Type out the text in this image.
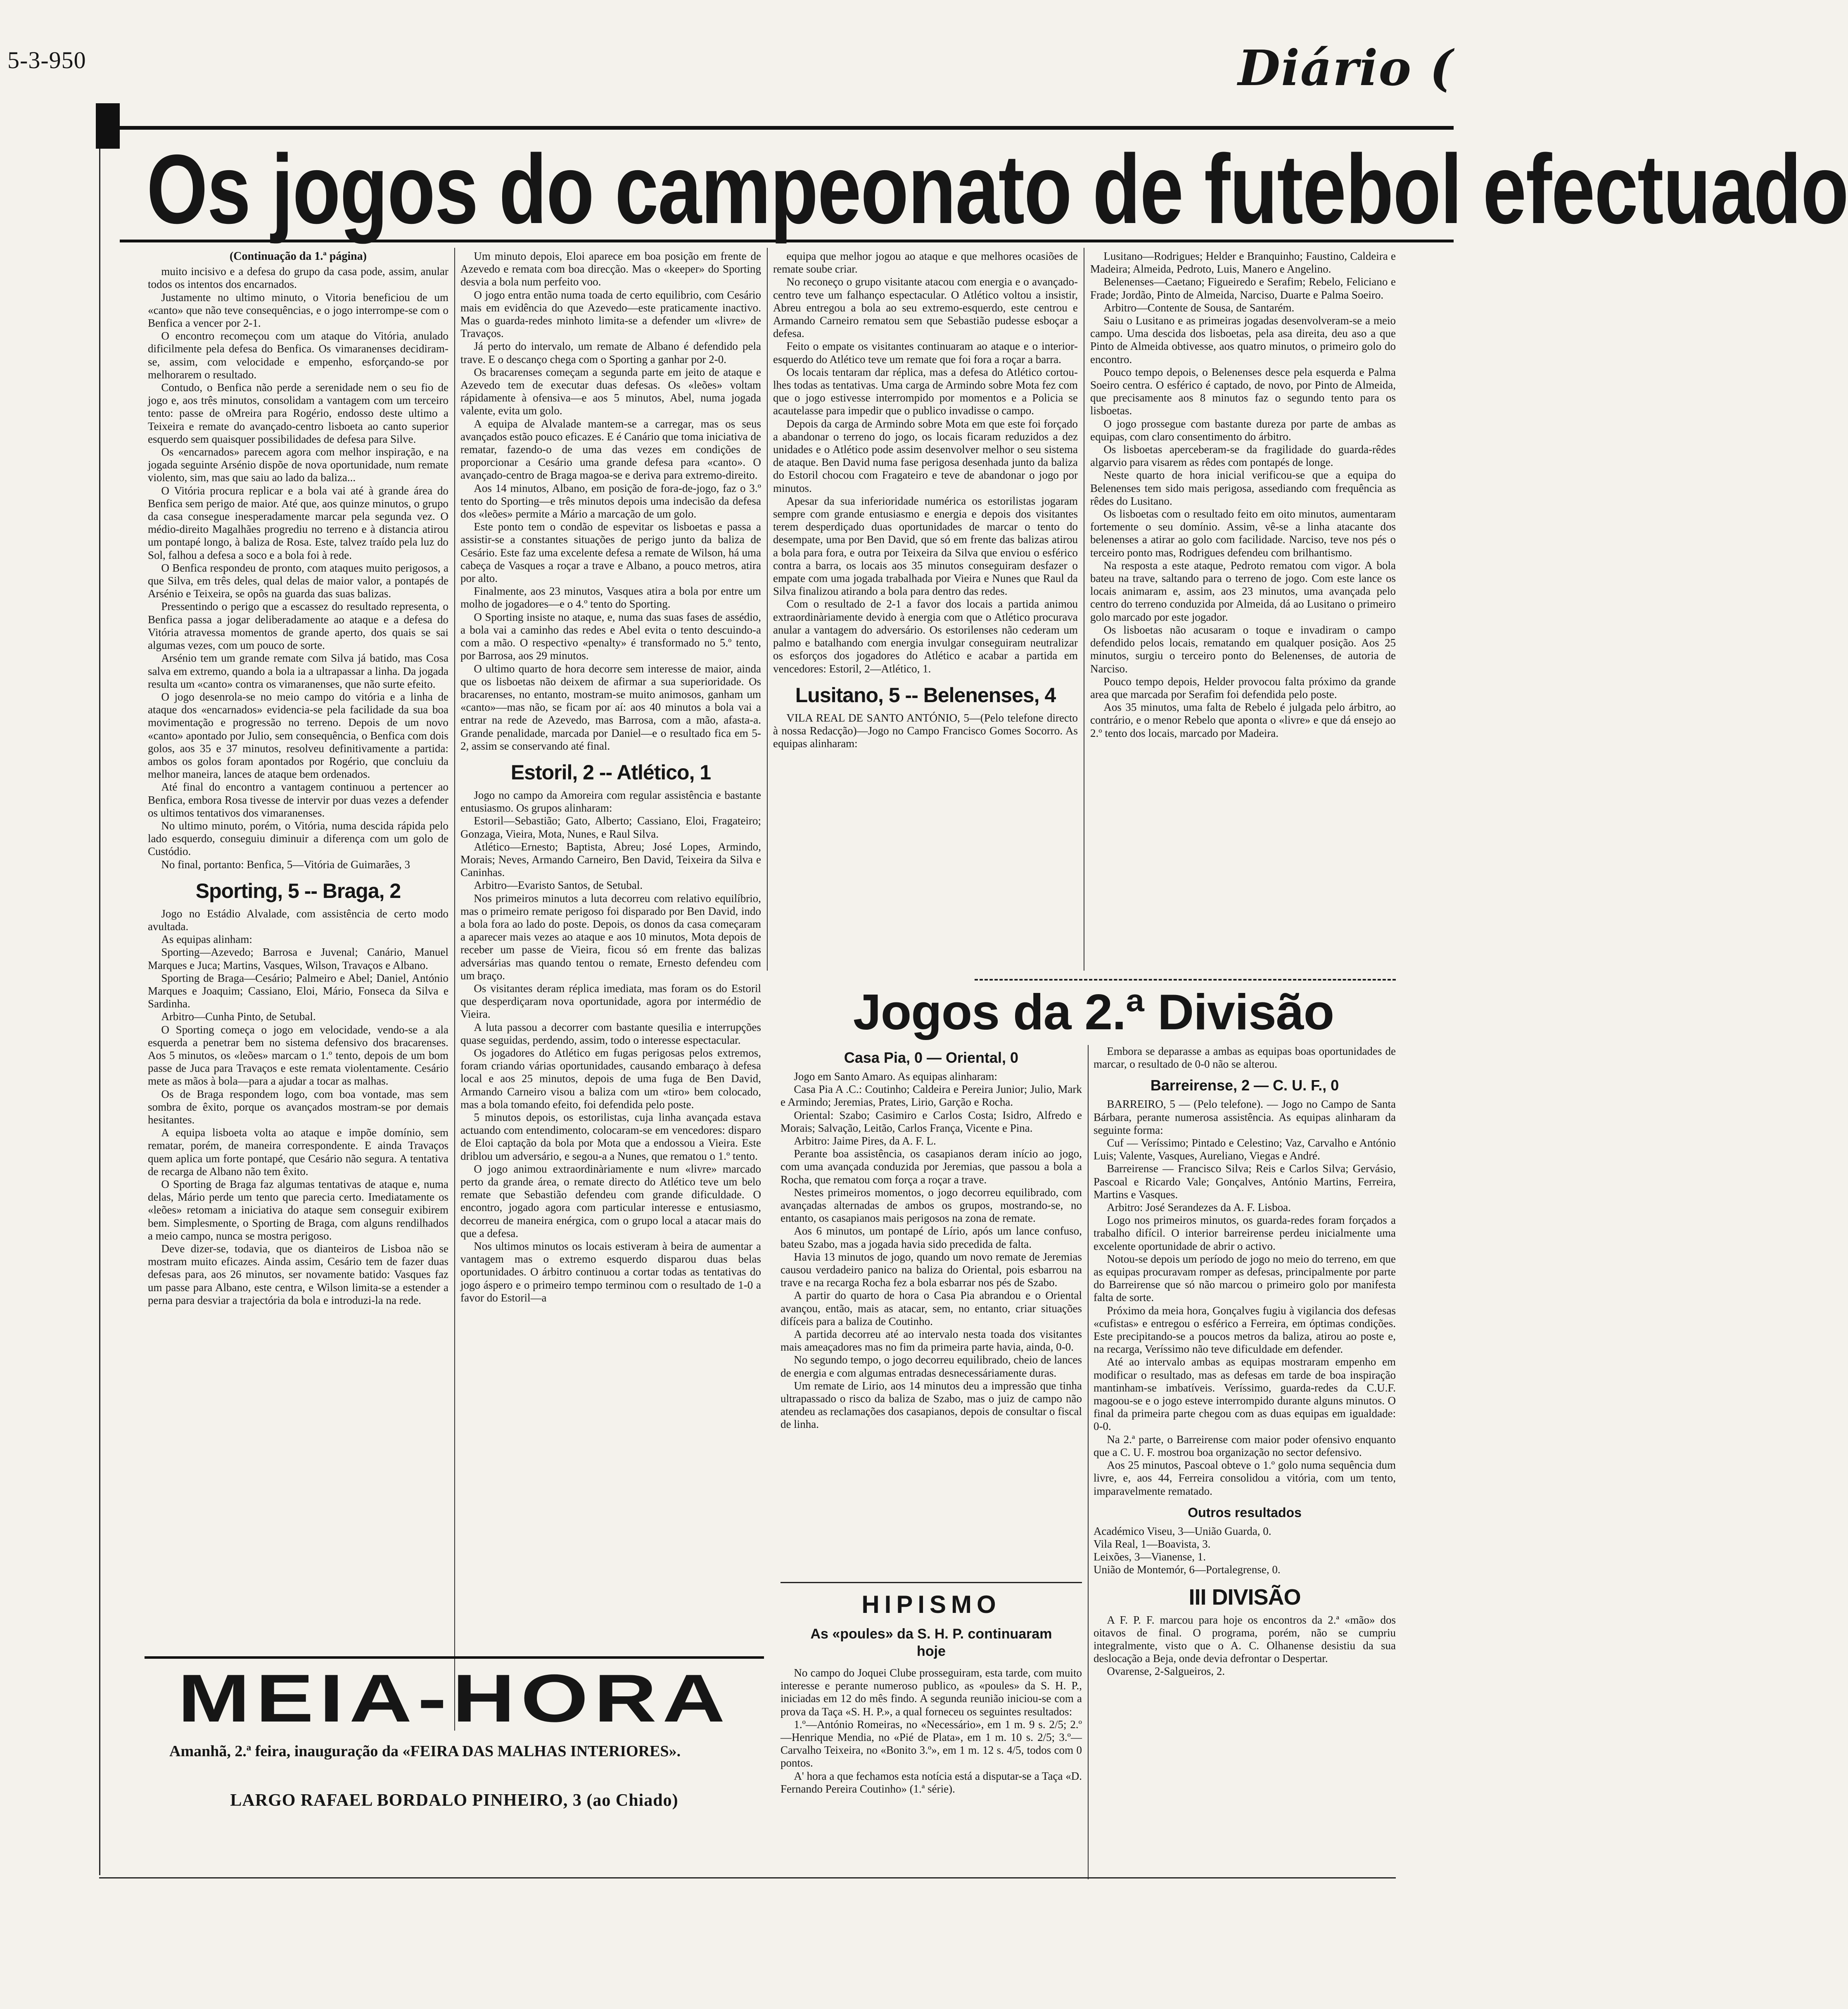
5-3-950	Diário (
Os jogos do campeonato de futebol efectuado

(Continuação da 1.ª página)

muito incisivo e a defesa do grupo da casa pode, assim, anular todos os intentos dos encarnados.

Justamente no ultimo minuto, o Vitoria beneficiou de um «canto» que não teve consequências, e o jogo interrompe-se com o Benfica a vencer por 2-1.

O encontro recomeçou com um ataque do Vitória, anulado dificilmente pela defesa do Benfica. Os vimaranenses decidiram-se, assim, com velocidade e empenho, esforçando-se por melhorarem o resultado.

Contudo, o Benfica não perde a serenidade nem o seu fio de jogo e, aos três minutos, consolidam a vantagem com um terceiro tento: passe de oMreira para Rogério, endosso deste ultimo a Teixeira e remate do avançado-centro lisboeta ao canto superior esquerdo sem quaisquer possibilidades de defesa para Silve.

Os «encarnados» parecem agora com melhor inspiração, e na jogada seguinte Arsénio dispõe de nova oportunidade, num remate violento, sim, mas que saiu ao lado da baliza...

O Vitória procura replicar e a bola vai até à grande área do Benfica sem perigo de maior. Até que, aos quinze minutos, o grupo da casa consegue inesperadamente marcar pela segunda vez. O médio-direito Magalhães progrediu no terreno e à distancia atirou um pontapé longo, à baliza de Rosa. Este, talvez traído pela luz do Sol, falhou a defesa a soco e a bola foi à rede.

O Benfica respondeu de pronto, com ataques muito perigosos, a que Silva, em três deles, qual delas de maior valor, a pontapés de Arsénio e Teixeira, se opôs na guarda das suas balizas.

Pressentindo o perigo que a escassez do resultado representa, o Benfica passa a jogar deliberadamente ao ataque e a defesa do Vitória atravessa momentos de grande aperto, dos quais se sai algumas vezes, com um pouco de sorte.

Arsénio tem um grande remate com Silva já batido, mas Cosa salva em extremo, quando a bola ia a ultrapassar a linha. Da jogada resulta um «canto» contra os vimaranenses, que não surte efeito.

O jogo desenrola-se no meio campo do vitória e a linha de ataque dos «encarnados» evidencia-se pela facilidade da sua boa movimentação e progressão no terreno. Depois de um novo «canto» apontado por Julio, sem consequência, o Benfica com dois golos, aos 35 e 37 minutos, resolveu definitivamente a partida: ambos os golos foram apontados por Rogério, que concluiu da melhor maneira, lances de ataque bem ordenados.

Até final do encontro a vantagem continuou a pertencer ao Benfica, embora Rosa tivesse de intervir por duas vezes a defender os ultimos tentativos dos vimaranenses.

No ultimo minuto, porém, o Vitória, numa descida rápida pelo lado esquerdo, conseguiu diminuir a diferença com um golo de Custódio.

No final, portanto: Benfica, 5—Vitória de Guimarães, 3

Sporting, 5 -- Braga, 2

Jogo no Estádio Alvalade, com assistência de certo modo avultada.

As equipas alinham:

Sporting—Azevedo; Barrosa e Juvenal; Canário, Manuel Marques e Juca; Martins, Vasques, Wilson, Travaços e Albano.

Sporting de Braga—Cesário; Palmeiro e Abel; Daniel, António Marques e Joaquim; Cassiano, Eloi, Mário, Fonseca da Silva e Sardinha.

Arbitro—Cunha Pinto, de Setubal.

O Sporting começa o jogo em velocidade, vendo-se a ala esquerda a penetrar bem no sistema defensivo dos bracarenses. Aos 5 minutos, os «leões» marcam o 1.º tento, depois de um bom passe de Juca para Travaços e este remata violentamente. Cesário mete as mãos à bola—para a ajudar a tocar as malhas.

Os de Braga respondem logo, com boa vontade, mas sem sombra de êxito, porque os avançados mostram-se por demais hesitantes.

A equipa lisboeta volta ao ataque e impõe domínio, sem rematar, porém, de maneira correspondente. E ainda Travaços quem aplica um forte pontapé, que Cesário não segura. A tentativa de recarga de Albano não tem êxito.

O Sporting de Braga faz algumas tentativas de ataque e, numa delas, Mário perde um tento que parecia certo. Imediatamente os «leões» retomam a iniciativa do ataque sem conseguir exibirem bem. Simplesmente, o Sporting de Braga, com alguns rendilhados a meio campo, nunca se mostra perigoso.

Deve dizer-se, todavia, que os dianteiros de Lisboa não se mostram muito eficazes. Ainda assim, Cesário tem de fazer duas defesas para, aos 26 minutos, ser novamente batido: Vasques faz um passe para Albano, este centra, e Wilson limita-se a estender a perna para desviar a trajectória da bola e introduzi-la na rede.

Um minuto depois, Eloi aparece em boa posição em frente de Azevedo e remata com boa direcção. Mas o «keeper» do Sporting desvia a bola num perfeito voo.

O jogo entra então numa toada de certo equilibrio, com Cesário mais em evidência do que Azevedo—este praticamente inactivo. Mas o guarda-redes minhoto limita-se a defender um «livre» de Travaços.

Já perto do intervalo, um remate de Albano é defendido pela trave. E o descanço chega com o Sporting a ganhar por 2-0.

Os bracarenses começam a segunda parte em jeito de ataque e Azevedo tem de executar duas defesas. Os «leões» voltam rápidamente à ofensiva—e aos 5 minutos, Abel, numa jogada valente, evita um golo.

A equipa de Alvalade mantem-se a carregar, mas os seus avançados estão pouco eficazes. E é Canário que toma iniciativa de rematar, fazendo-o de uma das vezes em condições de proporcionar a Cesário uma grande defesa para «canto». O avançado-centro de Braga magoa-se e deriva para extremo-direito.

Aos 14 minutos, Albano, em posição de fora-de-jogo, faz o 3.º tento do Sporting—e três minutos depois uma indecisão da defesa dos «leões» permite a Mário a marcação de um golo.

Este ponto tem o condão de espevitar os lisboetas e passa a assistir-se a constantes situações de perigo junto da baliza de Cesário. Este faz uma excelente defesa a remate de Wilson, há uma cabeça de Vasques a roçar a trave e Albano, a pouco metros, atira por alto.

Finalmente, aos 23 minutos, Vasques atira a bola por entre um molho de jogadores—e o 4.º tento do Sporting.

O Sporting insiste no ataque, e, numa das suas fases de assédio, a bola vai a caminho das redes e Abel evita o tento descuindo-a com a mão. O respectivo «penalty» é transformado no 5.º tento, por Barrosa, aos 29 minutos.

O ultimo quarto de hora decorre sem interesse de maior, ainda que os lisboetas não deixem de afirmar a sua superioridade. Os bracarenses, no entanto, mostram-se muito animosos, ganham um «canto»—mas não, se ficam por aí: aos 40 minutos a bola vai a entrar na rede de Azevedo, mas Barrosa, com a mão, afasta-a. Grande penalidade, marcada por Daniel—e o resultado fica em 5-2, assim se conservando até final.

Estoril, 2 -- Atlético, 1

Jogo no campo da Amoreira com regular assistência e bastante entusiasmo. Os grupos alinharam:

Estoril—Sebastião; Gato, Alberto; Cassiano, Eloi, Fragateiro; Gonzaga, Vieira, Mota, Nunes, e Raul Silva.

Atlético—Ernesto; Baptista, Abreu; José Lopes, Armindo, Morais; Neves, Armando Carneiro, Ben David, Teixeira da Silva e Caninhas.

Arbitro—Evaristo Santos, de Setubal.

Nos primeiros minutos a luta decorreu com relativo equilíbrio, mas o primeiro remate perigoso foi disparado por Ben David, indo a bola fora ao lado do poste. Depois, os donos da casa começaram a aparecer mais vezes ao ataque e aos 10 minutos, Mota depois de receber um passe de Vieira, ficou só em frente das balizas adversárias mas quando tentou o remate, Ernesto defendeu com um braço.

Os visitantes deram réplica imediata, mas foram os do Estoril que desperdiçaram nova oportunidade, agora por intermédio de Vieira.

A luta passou a decorrer com bastante quesilia e interrupções quase seguidas, perdendo, assim, todo o interesse espectacular.

Os jogadores do Atlético em fugas perigosas pelos extremos, foram criando várias oportunidades, causando embaraço à defesa local e aos 25 minutos, depois de uma fuga de Ben David, Armando Carneiro visou a baliza com um «tiro» bem colocado, mas a bola tomando efeito, foi defendida pelo poste.

5 minutos depois, os estorilistas, cuja linha avançada estava actuando com entendimento, colocaram-se em vencedores: disparo de Eloi captação da bola por Mota que a endossou a Vieira. Este driblou um adversário, e segou-a a Nunes, que rematou o 1.º tento.

O jogo animou extraordinàriamente e num «livre» marcado perto da grande área, o remate directo do Atlético teve um belo remate que Sebastião defendeu com grande dificuldade. O encontro, jogado agora com particular interesse e entusiasmo, decorreu de maneira enérgica, com o grupo local a atacar mais do que a defesa.

Nos ultimos minutos os locais estiveram à beira de aumentar a vantagem mas o extremo esquerdo disparou duas belas oportunidades. O árbitro continuou a cortar todas as tentativas do jogo áspero e o primeiro tempo terminou com o resultado de 1-0 a favor do Estoril—a

equipa que melhor jogou ao ataque e que melhores ocasiões de remate soube criar.

No reconeço o grupo visitante atacou com energia e o avançado-centro teve um falhanço espectacular. O Atlético voltou a insistir, Abreu entregou a bola ao seu extremo-esquerdo, este centrou e Armando Carneiro rematou sem que Sebastião pudesse esboçar a defesa.

Feito o empate os visitantes continuaram ao ataque e o interior-esquerdo do Atlético teve um remate que foi fora a roçar a barra.

Os locais tentaram dar réplica, mas a defesa do Atlético cortou-lhes todas as tentativas. Uma carga de Armindo sobre Mota fez com que o jogo estivesse interrompido por momentos e a Policia se acautelasse para impedir que o publico invadisse o campo.

Depois da carga de Armindo sobre Mota em que este foi forçado a abandonar o terreno do jogo, os locais ficaram reduzidos a dez unidades e o Atlético pode assim desenvolver melhor o seu sistema de ataque. Ben David numa fase perigosa desenhada junto da baliza do Estoril chocou com Fragateiro e teve de abandonar o jogo por minutos.

Apesar da sua inferioridade numérica os estorilistas jogaram sempre com grande entusiasmo e energia e depois dos visitantes terem desperdiçado duas oportunidades de marcar o tento do desempate, uma por Ben David, que só em frente das balizas atirou a bola para fora, e outra por Teixeira da Silva que enviou o esférico contra a barra, os locais aos 35 minutos conseguiram desfazer o empate com uma jogada trabalhada por Vieira e Nunes que Raul da Silva finalizou atirando a bola para dentro das redes.

Com o resultado de 2-1 a favor dos locais a partida animou extraordinàriamente devido à energia com que o Atlético procurava anular a vantagem do adversário. Os estorilenses não cederam um palmo e batalhando com energia invulgar conseguiram neutralizar os esforços dos jogadores do Atlético e acabar a partida em vencedores: Estoril, 2—Atlético, 1.

Lusitano, 5 -- Belenenses, 4

VILA REAL DE SANTO ANTÓNIO, 5—(Pelo telefone directo à nossa Redacção)—Jogo no Campo Francisco Gomes Socorro. As equipas alinharam:

Lusitano—Rodrigues; Helder e Branquinho; Faustino, Caldeira e Madeira; Almeida, Pedroto, Luis, Manero e Angelino.

Belenenses—Caetano; Figueiredo e Serafim; Rebelo, Feliciano e Frade; Jordão, Pinto de Almeida, Narciso, Duarte e Palma Soeiro.

Arbitro—Contente de Sousa, de Santarém.

Saiu o Lusitano e as primeiras jogadas desenvolveram-se a meio campo. Uma descida dos lisboetas, pela asa direita, deu aso a que Pinto de Almeida obtivesse, aos quatro minutos, o primeiro golo do encontro.

Pouco tempo depois, o Belenenses desce pela esquerda e Palma Soeiro centra. O esférico é captado, de novo, por Pinto de Almeida, que precisamente aos 8 minutos faz o segundo tento para os lisboetas.

O jogo prossegue com bastante dureza por parte de ambas as equipas, com claro consentimento do árbitro.

Os lisboetas aperceberam-se da fragilidade do guarda-rêdes algarvio para visarem as rêdes com pontapés de longe.

Neste quarto de hora inicial verificou-se que a equipa do Belenenses tem sido mais perigosa, assediando com frequência as rêdes do Lusitano.

Os lisboetas com o resultado feito em oito minutos, aumentaram fortemente o seu domínio. Assim, vê-se a linha atacante dos belenenses a atirar ao golo com facilidade. Narciso, teve nos pés o terceiro ponto mas, Rodrigues defendeu com brilhantismo.

Na resposta a este ataque, Pedroto rematou com vigor. A bola bateu na trave, saltando para o terreno de jogo. Com este lance os locais animaram e, assim, aos 23 minutos, uma avançada pelo centro do terreno conduzida por Almeida, dá ao Lusitano o primeiro golo marcado por este jogador.

Os lisboetas não acusaram o toque e invadiram o campo defendido pelos locais, rematando em qualquer posição. Aos 25 minutos, surgiu o terceiro ponto do Belenenses, de autoria de Narciso.

Pouco tempo depois, Helder provocou falta próximo da grande area que marcada por Serafim foi defendida pelo poste.

Aos 35 minutos, uma falta de Rebelo é julgada pelo árbitro, ao contrário, e o menor Rebelo que aponta o «livre» e que dá ensejo ao 2.º tento dos locais, marcado por Madeira.

Jogos da 2.ª Divisão

Casa Pia, 0 — Oriental, 0

Jogo em Santo Amaro. As equipas alinharam:

Casa Pia A .C.: Coutinho; Caldeira e Pereira Junior; Julio, Mark e Armindo; Jeremias, Prates, Lirio, Garção e Rocha.

Oriental: Szabo; Casimiro e Carlos Costa; Isidro, Alfredo e Morais; Salvação, Leitão, Carlos França, Vicente e Pina.

Arbitro: Jaime Pires, da A. F. L.

Perante boa assistência, os casapianos deram início ao jogo, com uma avançada conduzida por Jeremias, que passou a bola a Rocha, que rematou com força a roçar a trave.

Nestes primeiros momentos, o jogo decorreu equilibrado, com avançadas alternadas de ambos os grupos, mostrando-se, no entanto, os casapianos mais perigosos na zona de remate.

Aos 6 minutos, um pontapé de Lírio, após um lance confuso, bateu Szabo, mas a jogada havia sido precedida de falta.

Havia 13 minutos de jogo, quando um novo remate de Jeremias causou verdadeiro panico na baliza do Oriental, pois esbarrou na trave e na recarga Rocha fez a bola esbarrar nos pés de Szabo.

A partir do quarto de hora o Casa Pia abrandou e o Oriental avançou, então, mais as atacar, sem, no entanto, criar situações difíceis para a baliza de Coutinho.

A partida decorreu até ao intervalo nesta toada dos visitantes mais ameaçadores mas no fim da primeira parte havia, ainda, 0-0.

No segundo tempo, o jogo decorreu equilibrado, cheio de lances de energia e com algumas entradas desnecessáriamente duras.

Um remate de Lirio, aos 14 minutos deu a impressão que tinha ultrapassado o risco da baliza de Szabo, mas o juiz de campo não atendeu as reclamações dos casapianos, depois de consultar o fiscal de linha.

Embora se deparasse a ambas as equipas boas oportunidades de marcar, o resultado de 0-0 não se alterou.

Barreirense, 2 — C. U. F., 0

BARREIRO, 5 — (Pelo telefone). — Jogo no Campo de Santa Bárbara, perante numerosa assistência. As equipas alinharam da seguinte forma:

Cuf — Veríssimo; Pintado e Celestino; Vaz, Carvalho e António Luis; Valente, Vasques, Aureliano, Viegas e André.

Barreirense — Francisco Silva; Reis e Carlos Silva; Gervásio, Pascoal e Ricardo Vale; Gonçalves, António Martins, Ferreira, Martins e Vasques.

Arbitro: José Serandezes da A. F. Lisboa.

Logo nos primeiros minutos, os guarda-redes foram forçados a trabalho difícil. O interior barreirense perdeu inicialmente uma excelente oportunidade de abrir o activo.

Notou-se depois um período de jogo no meio do terreno, em que as equipas procuravam romper as defesas, principalmente por parte do Barreirense que só não marcou o primeiro golo por manifesta falta de sorte.

Próximo da meia hora, Gonçalves fugiu à vigilancia dos defesas «cufistas» e entregou o esférico a Ferreira, em óptimas condições. Este precipitando-se a poucos metros da baliza, atirou ao poste e, na recarga, Veríssimo não teve dificuldade em defender.

Até ao intervalo ambas as equipas mostraram empenho em modificar o resultado, mas as defesas em tarde de boa inspiração mantinham-se imbatíveis. Veríssimo, guarda-redes da C.U.F. magoou-se e o jogo esteve interrompido durante alguns minutos. O final da primeira parte chegou com as duas equipas em igualdade: 0-0.

Na 2.ª parte, o Barreirense com maior poder ofensivo enquanto que a C. U. F. mostrou boa organização no sector defensivo.

Aos 25 minutos, Pascoal obteve o 1.º golo numa sequência dum livre, e, aos 44, Ferreira consolidou a vitória, com um tento, imparavelmente rematado.

Outros resultados

Académico Viseu, 3—União Guarda, 0.

Vila Real, 1—Boavista, 3.

Leixões, 3—Vianense, 1.

União de Montemór, 6—Portalegrense, 0.

III DIVISÃO

A F. P. F. marcou para hoje os encontros da 2.ª «mão» dos oitavos de final. O programa, porém, não se cumpriu integralmente, visto que o A. C. Olhanense desistiu da sua deslocação a Beja, onde devia defrontar o Despertar.

Ovarense, 2-Salgueiros, 2.

HIPISMO
As «poules» da S. H. P. continuaram hoje

No campo do Joquei Clube prosseguiram, esta tarde, com muito interesse e perante numeroso publico, as «poules» da S. H. P., iniciadas em 12 do mês findo. A segunda reunião iniciou-se com a prova da Taça «S. H. P.», a qual forneceu os seguintes resultados:

1.º—António Romeiras, no «Necessário», em 1 m. 9 s. 2/5; 2.º—Henrique Mendia, no «Pié de Plata», em 1 m. 10 s. 2/5; 3.º—Carvalho Teixeira, no «Bonito 3.º», em 1 m. 12 s. 4/5, todos com 0 pontos.

A' hora a que fechamos esta notícia está a disputar-se a Taça «D. Fernando Pereira Coutinho» (1.ª série).

MEIA-HORA
Amanhã, 2.ª feira, inauguração da «FEIRA DAS MALHAS INTERIORES».
LARGO RAFAEL BORDALO PINHEIRO, 3 (ao Chiado)
